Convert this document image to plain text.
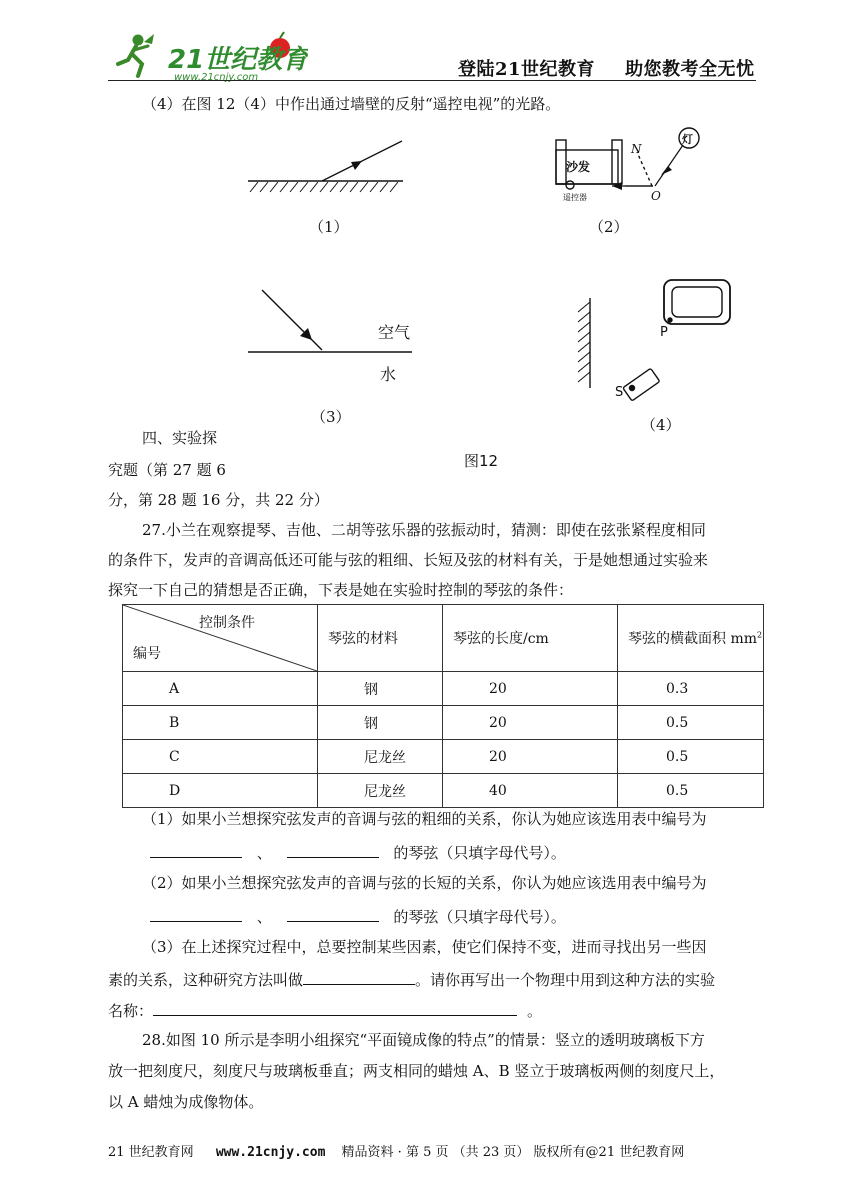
21世纪教育
www.21cnjy.com	登陆21世纪教育 助您教考全无忧
（4）在图 12（4）中作出通过墙壁的反射“遥控电视”的光路。
（1）
沙发
遥控器
N
O
灯
（2）
空气
水
（3）
P
S
（4）
图12
四、实验探
究题（第 27 题 6
分，第 28 题 16 分，共 22 分）
27.小兰在观察提琴、吉他、二胡等弦乐器的弦振动时，猜测：即使在弦张紧程度相同
的条件下，发声的音调高低还可能与弦的粗细、长短及弦的材料有关，于是她想通过实验来
探究一下自己的猜想是否正确，下表是她在实验时控制的琴弦的条件：
控制条件
编号	琴弦的材料	琴弦的长度/cm	琴弦的横截面积 $mm^2$
A	钢	20	0.3
B	钢	20	0.5
C	尼龙丝	20	0.5
D	尼龙丝	40	0.5
（1）如果小兰想探究弦发声的音调与弦的粗细的关系，你认为她应该选用表中编号为
、	的琴弦（只填字母代号）。
（2）如果小兰想探究弦发声的音调与弦的长短的关系，你认为她应该选用表中编号为
、	的琴弦（只填字母代号）。
（3）在上述探究过程中，总要控制某些因素，使它们保持不变，进而寻找出另一些因
素的关系，这种研究方法叫做	。请你再写出一个物理中用到这种方法的实验
名称：	。
28.如图 10 所示是李明小组探究“平面镜成像的特点”的情景：竖立的透明玻璃板下方
放一把刻度尺，刻度尺与玻璃板垂直；两支相同的蜡烛 A、B 竖立于玻璃板两侧的刻度尺上，
以 A 蜡烛为成像物体。
21 世纪教育网 www.21cnjy.com 精品资料 · 第 5 页 （共 23 页） 版权所有@21 世纪教育网
